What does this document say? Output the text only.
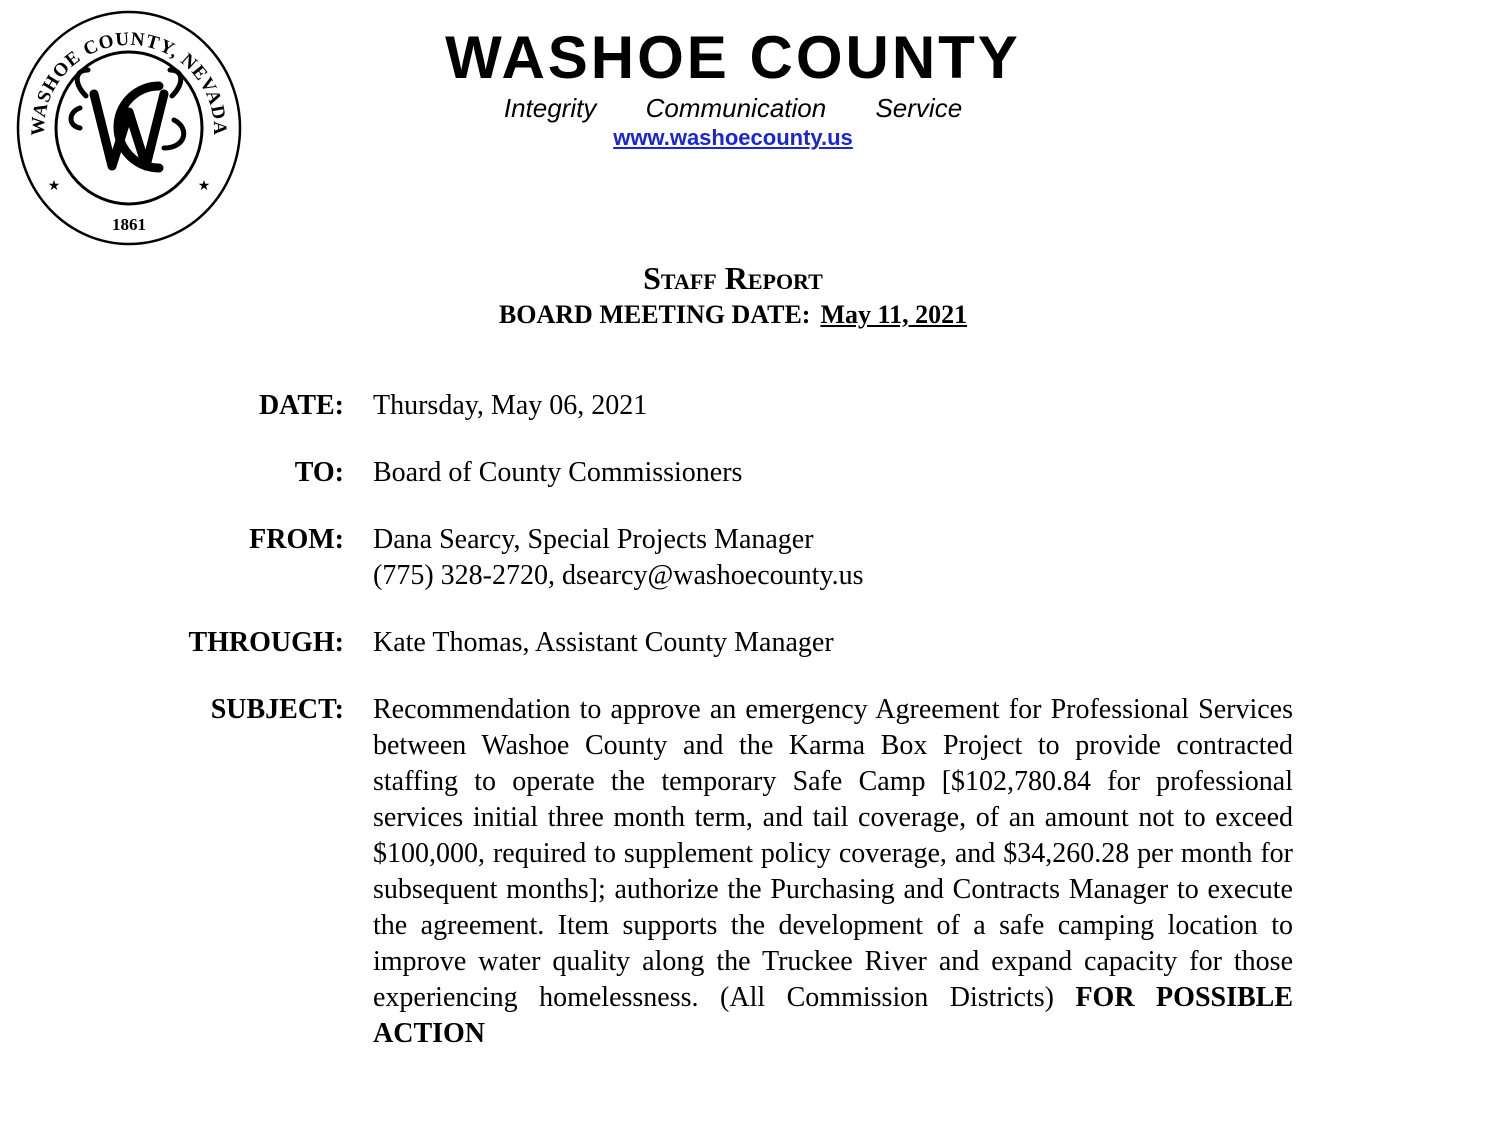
WASHOE COUNTY, NEVADA
1861
★	★
WASHOE COUNTY
Integrity Communication Service
www.washoecounty.us
Staff Report
BOARD MEETING DATE: May 11, 2021
DATE: Thursday, May 06, 2021
TO: Board of County Commissioners
FROM: Dana Searcy, Special Projects Manager
(775) 328-2720, dsearcy@washoecounty.us
THROUGH: Kate Thomas, Assistant County Manager
SUBJECT: Recommendation to approve an emergency Agreement for Professional Services between Washoe County and the Karma Box Project to provide contracted staffing to operate the temporary Safe Camp [$102,780.84 for professional services initial three month term, and tail coverage, of an amount not to exceed $100,000, required to supplement policy coverage, and $34,260.28 per month for subsequent months]; authorize the Purchasing and Contracts Manager to execute the agreement. Item supports the development of a safe camping location to improve water quality along the Truckee River and expand capacity for those experiencing homelessness. (All Commission Districts) FOR POSSIBLE ACTION
